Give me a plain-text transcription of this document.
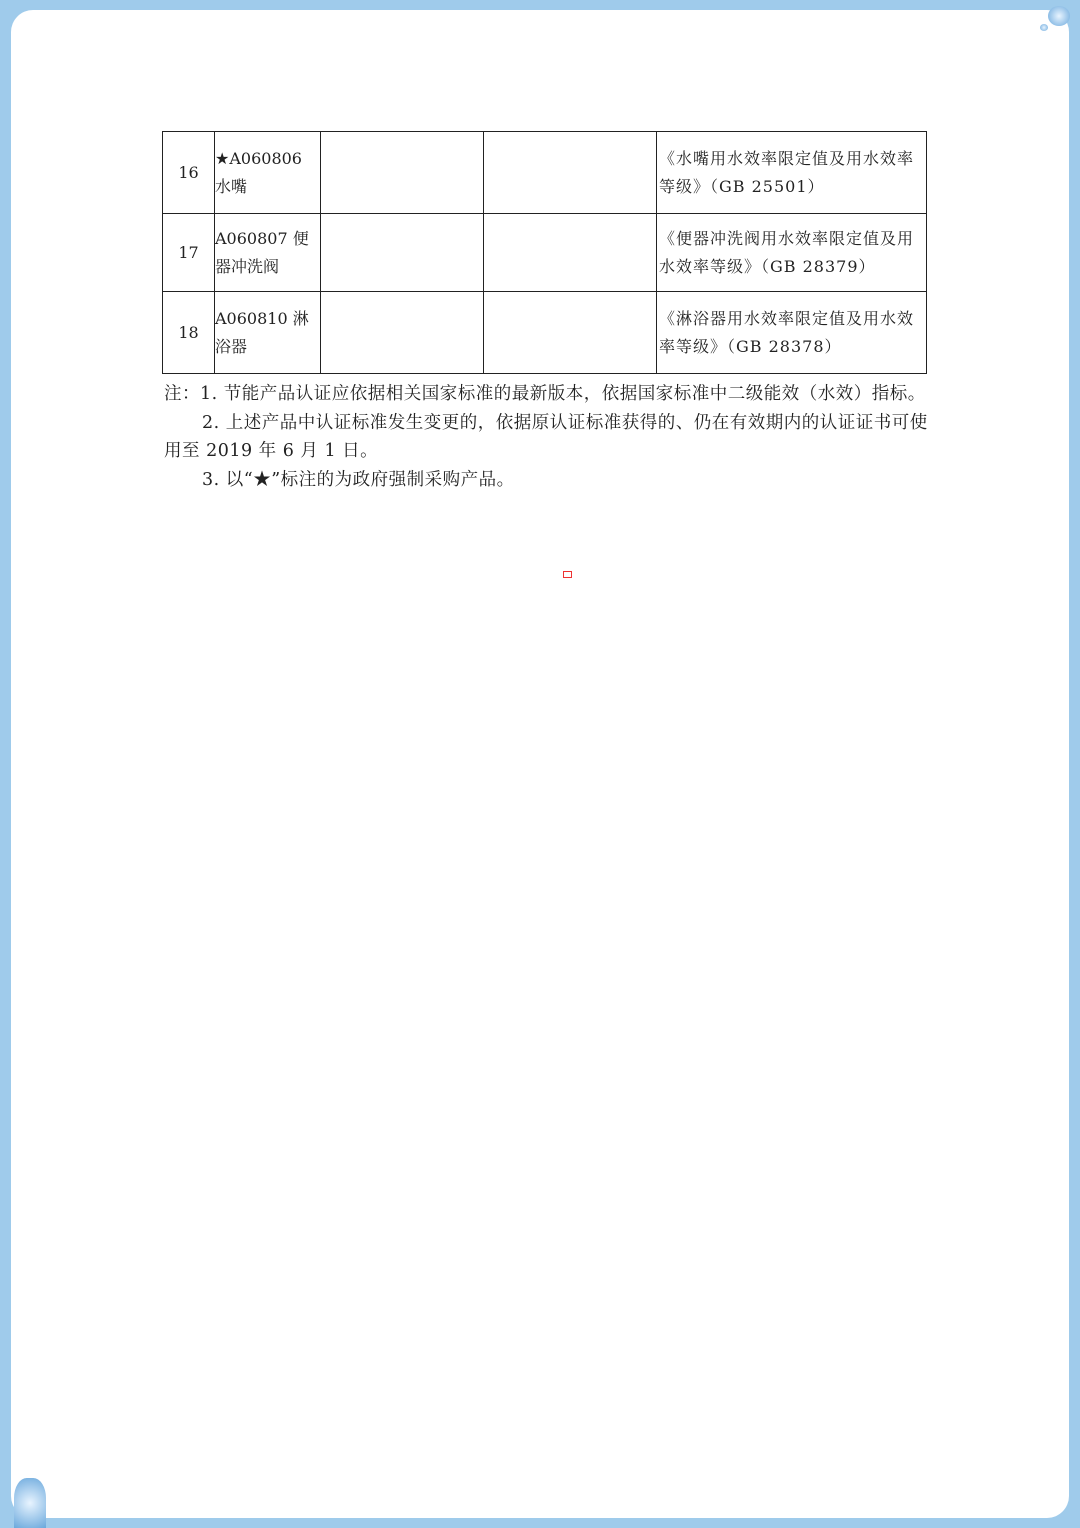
16	★A060806 水嘴			《水嘴用水效率限定值及用水效率等级》（GB 25501）
17	A060807 便器冲洗阀			《便器冲洗阀用水效率限定值及用水效率等级》（GB 28379）
18	A060810 淋浴器			《淋浴器用水效率限定值及用水效率等级》（GB 28378）

注：1. 节能产品认证应依据相关国家标准的最新版本，依据国家标准中二级能效（水效）指标。

2. 上述产品中认证标准发生变更的，依据原认证标准获得的、仍在有效期内的认证证书可使用至 2019 年 6 月 1 日。

3. 以“★”标注的为政府强制采购产品。
